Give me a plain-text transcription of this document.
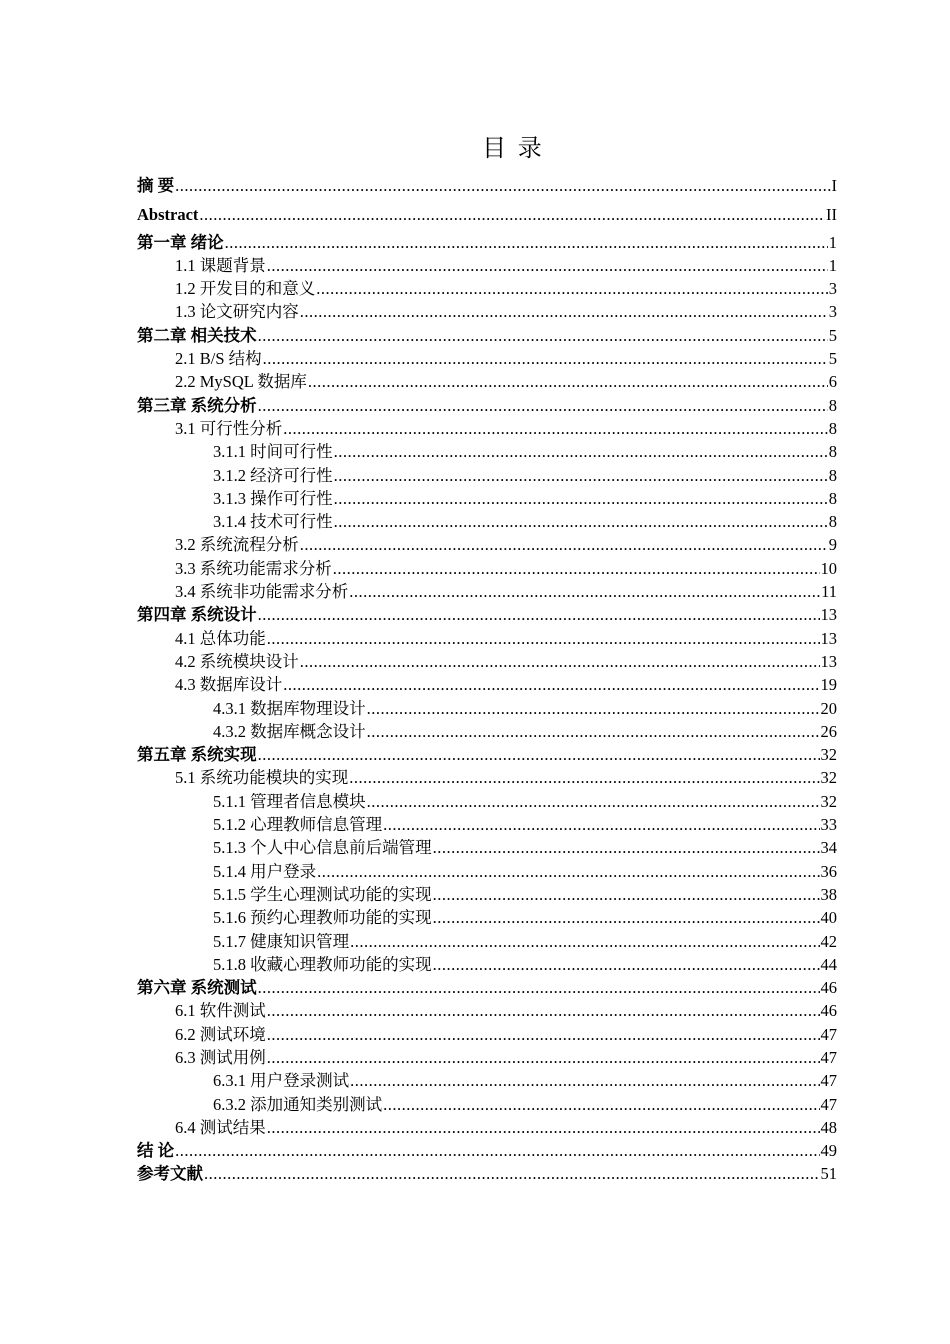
目 录
摘 要 .....	I
Abstract .....	II
第一章 绪论 .....	1
1.1 课题背景 .....	1
1.2 开发目的和意义 .....	3
1.3 论文研究内容 .....	3
第二章 相关技术 .....	5
2.1 B/S 结构 .....	5
2.2 MySQL 数据库 .....	6
第三章 系统分析 .....	8
3.1 可行性分析 .....	8
3.1.1 时间可行性 .....	8
3.1.2 经济可行性 .....	8
3.1.3 操作可行性 .....	8
3.1.4 技术可行性 .....	8
3.2 系统流程分析 .....	9
3.3 系统功能需求分析 .....	10
3.4 系统非功能需求分析 .....	11
第四章 系统设计 .....	13
4.1 总体功能 .....	13
4.2 系统模块设计 .....	13
4.3 数据库设计 .....	19
4.3.1 数据库物理设计 .....	20
4.3.2 数据库概念设计 .....	26
第五章 系统实现 .....	32
5.1 系统功能模块的实现 .....	32
5.1.1 管理者信息模块 .....	32
5.1.2 心理教师信息管理 .....	33
5.1.3 个人中心信息前后端管理 .....	34
5.1.4 用户登录 .....	36
5.1.5 学生心理测试功能的实现 .....	38
5.1.6 预约心理教师功能的实现 .....	40
5.1.7 健康知识管理 .....	42
5.1.8 收藏心理教师功能的实现 .....	44
第六章 系统测试 .....	46
6.1 软件测试 .....	46
6.2 测试环境 .....	47
6.3 测试用例 .....	47
6.3.1 用户登录测试 .....	47
6.3.2 添加通知类别测试 .....	47
6.4 测试结果 .....	48
结 论 .....	49
参考文献 .....	51
